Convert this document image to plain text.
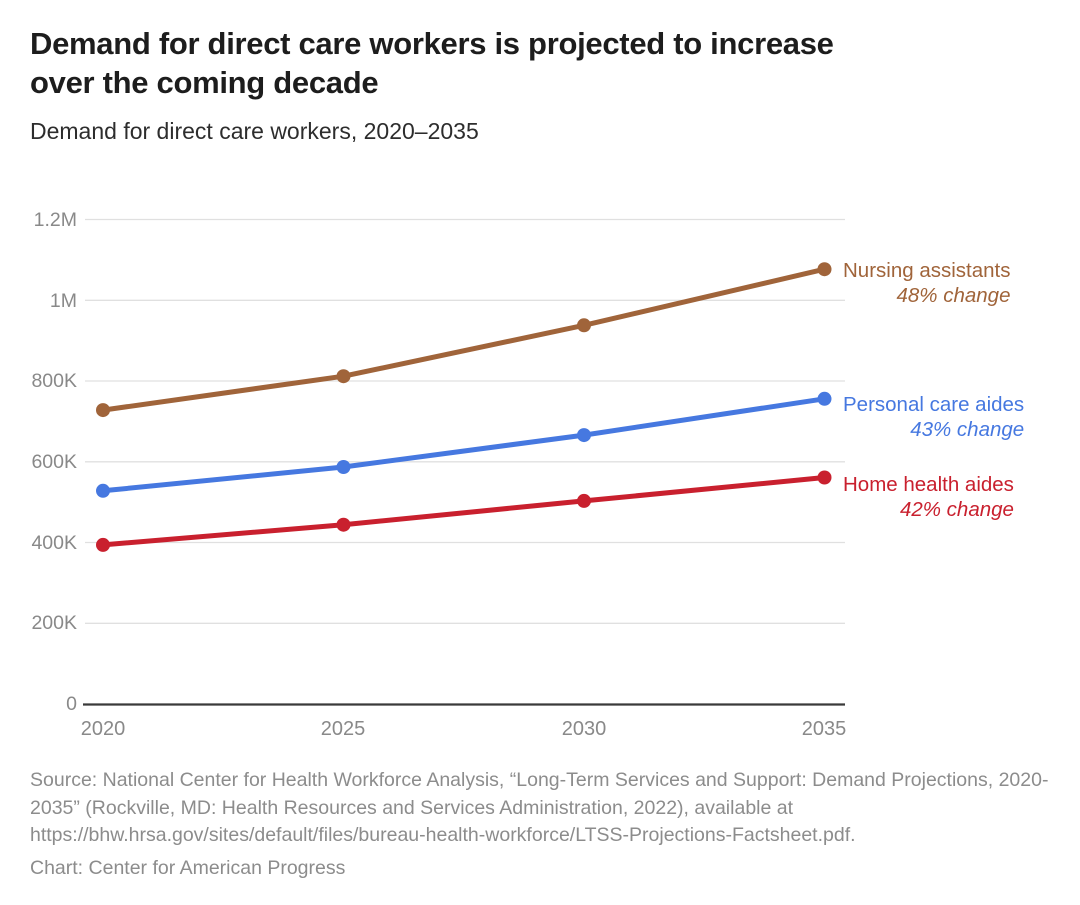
Demand for direct care workers is projected to increase
over the coming decade
Demand for direct care workers, 2020–2035
0
200K
400K
600K
800K
1M
1.2M
2020	2025	2030	2035
Nursing assistants
48% change
Personal care aides
43% change
Home health aides
42% change
Source: National Center for Health Workforce Analysis, “Long-Term Services and Support: Demand Projections, 2020-
2035” (Rockville, MD: Health Resources and Services Administration, 2022), available at
https://bhw.hrsa.gov/sites/default/files/bureau-health-workforce/LTSS-Projections-Factsheet.pdf.
Chart: Center for American Progress
